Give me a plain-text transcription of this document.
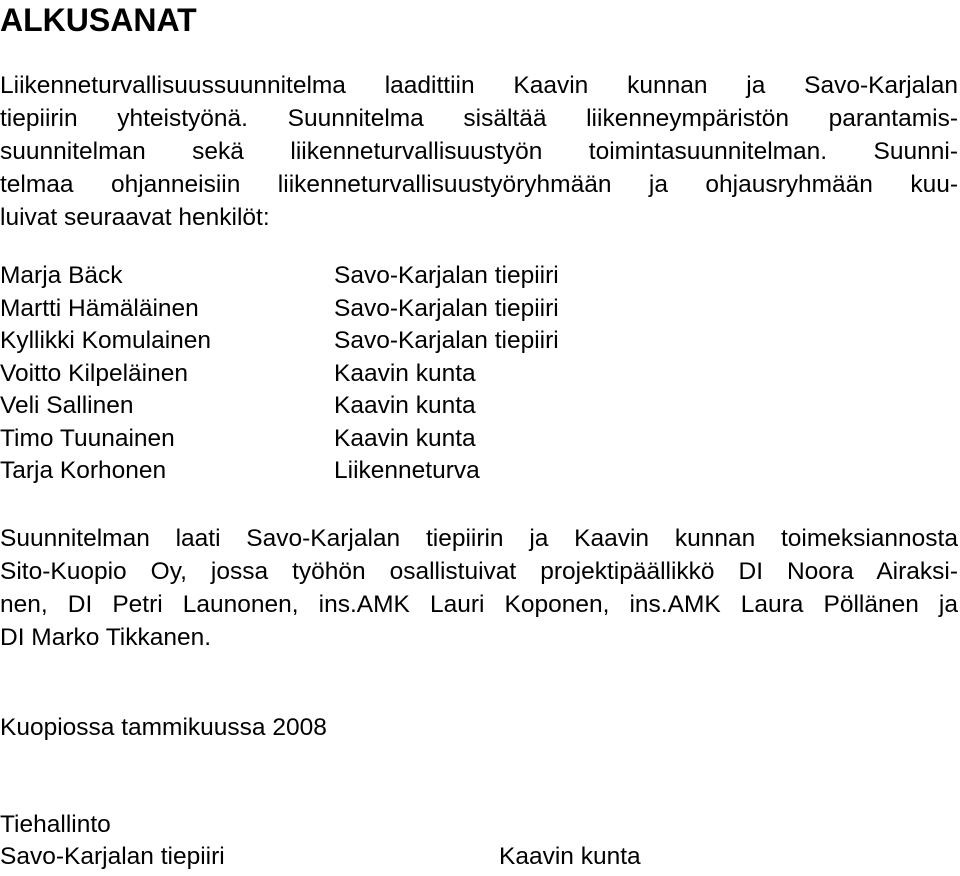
ALKUSANAT
Liikenneturvallisuussuunnitelma laadittiin Kaavin kunnan ja Savo-Karjalan
tiepiirin yhteistyönä. Suunnitelma sisältää liikenneympäristön parantamis-
suunnitelman sekä liikenneturvallisuustyön toimintasuunnitelman. Suunni-
telmaa ohjanneisiin liikenneturvallisuustyöryhmään ja ohjausryhmään kuu-
luivat seuraavat henkilöt:
Marja Bäck	Savo-Karjalan tiepiiri
Martti Hämäläinen	Savo-Karjalan tiepiiri
Kyllikki Komulainen	Savo-Karjalan tiepiiri
Voitto Kilpeläinen	Kaavin kunta
Veli Sallinen	Kaavin kunta
Timo Tuunainen	Kaavin kunta
Tarja Korhonen	Liikenneturva
Suunnitelman laati Savo-Karjalan tiepiirin ja Kaavin kunnan toimeksiannosta
Sito-Kuopio Oy, jossa työhön osallistuivat projektipäällikkö DI Noora Airaksi-
nen, DI Petri Launonen, ins.AMK Lauri Koponen, ins.AMK Laura Pöllänen ja
DI Marko Tikkanen.

Kuopiossa tammikuussa 2008

Tiehallinto

Savo-Karjalan tiepiiri	Kaavin kunta
